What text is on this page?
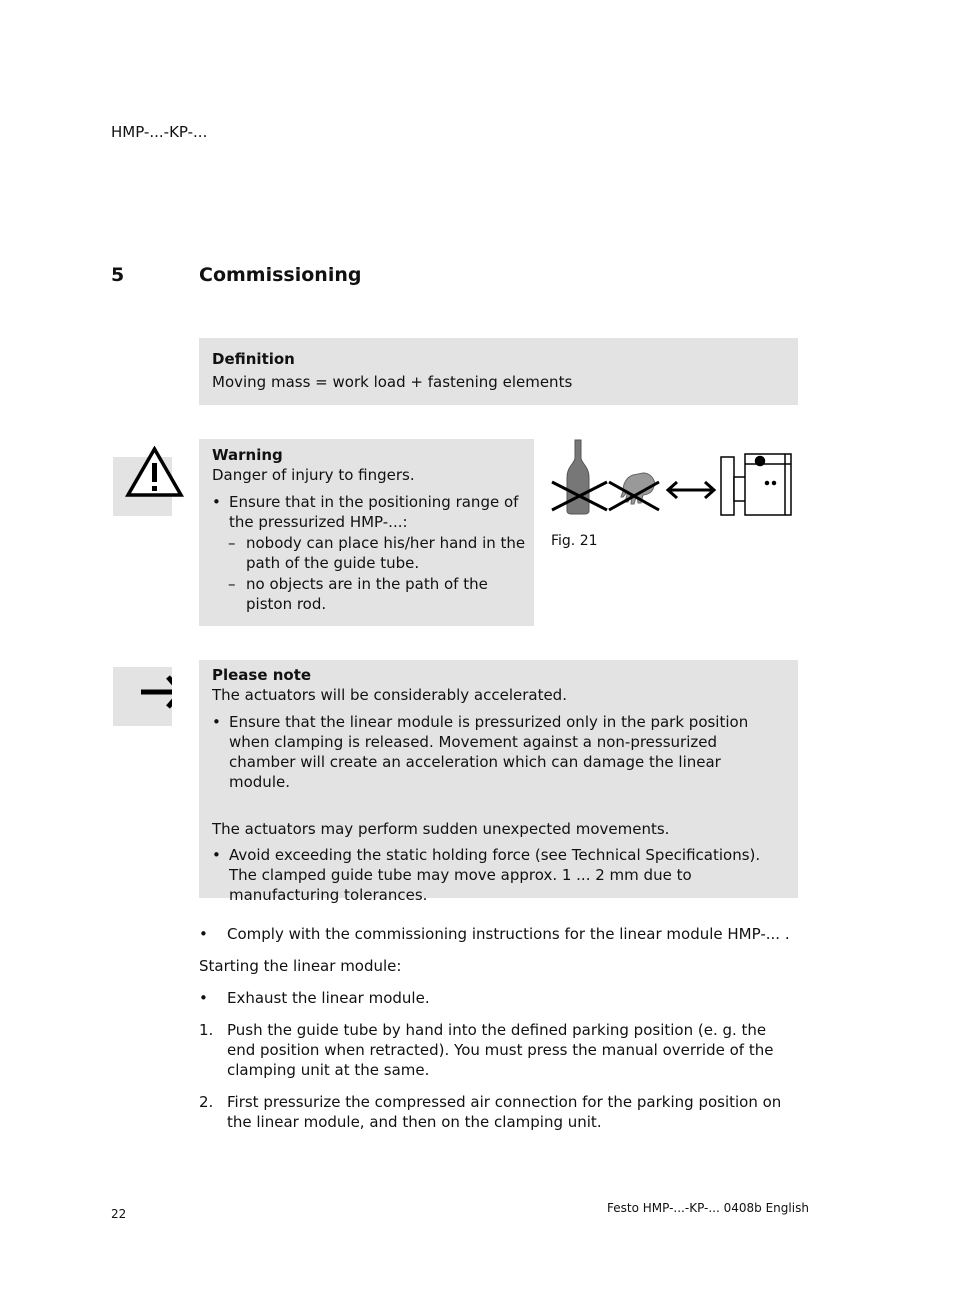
HMP-...-KP-...
5	Commissioning
Definition
Moving mass = work load + fastening elements
Warning
Danger of injury to fingers.
• Ensure that in the positioning range of the pressurized HMP-...:
– nobody can place his/her hand in the path of the guide tube.
– no objects are in the path of the piston rod.
Fig. 21
Please note
The actuators will be considerably accelerated.
• Ensure that the linear module is pressurized only in the park position when clamping is released. Movement against a non-pressurized chamber will create an acceleration which can damage the linear module.
The actuators may perform sudden unexpected movements.
• Avoid exceeding the static holding force (see Technical Specifications).
The clamped guide tube may move approx. 1 ... 2 mm due to manufacturing tolerances.
• Comply with the commissioning instructions for the linear module HMP-... .
Starting the linear module:
• Exhaust the linear module.
1. Push the guide tube by hand into the defined parking position (e. g. the end position when retracted). You must press the manual override of the clamping unit at the same.
2. First pressurize the compressed air connection for the parking position on the linear module, and then on the clamping unit.
22	Festo HMP-...-KP-... 0408b English
